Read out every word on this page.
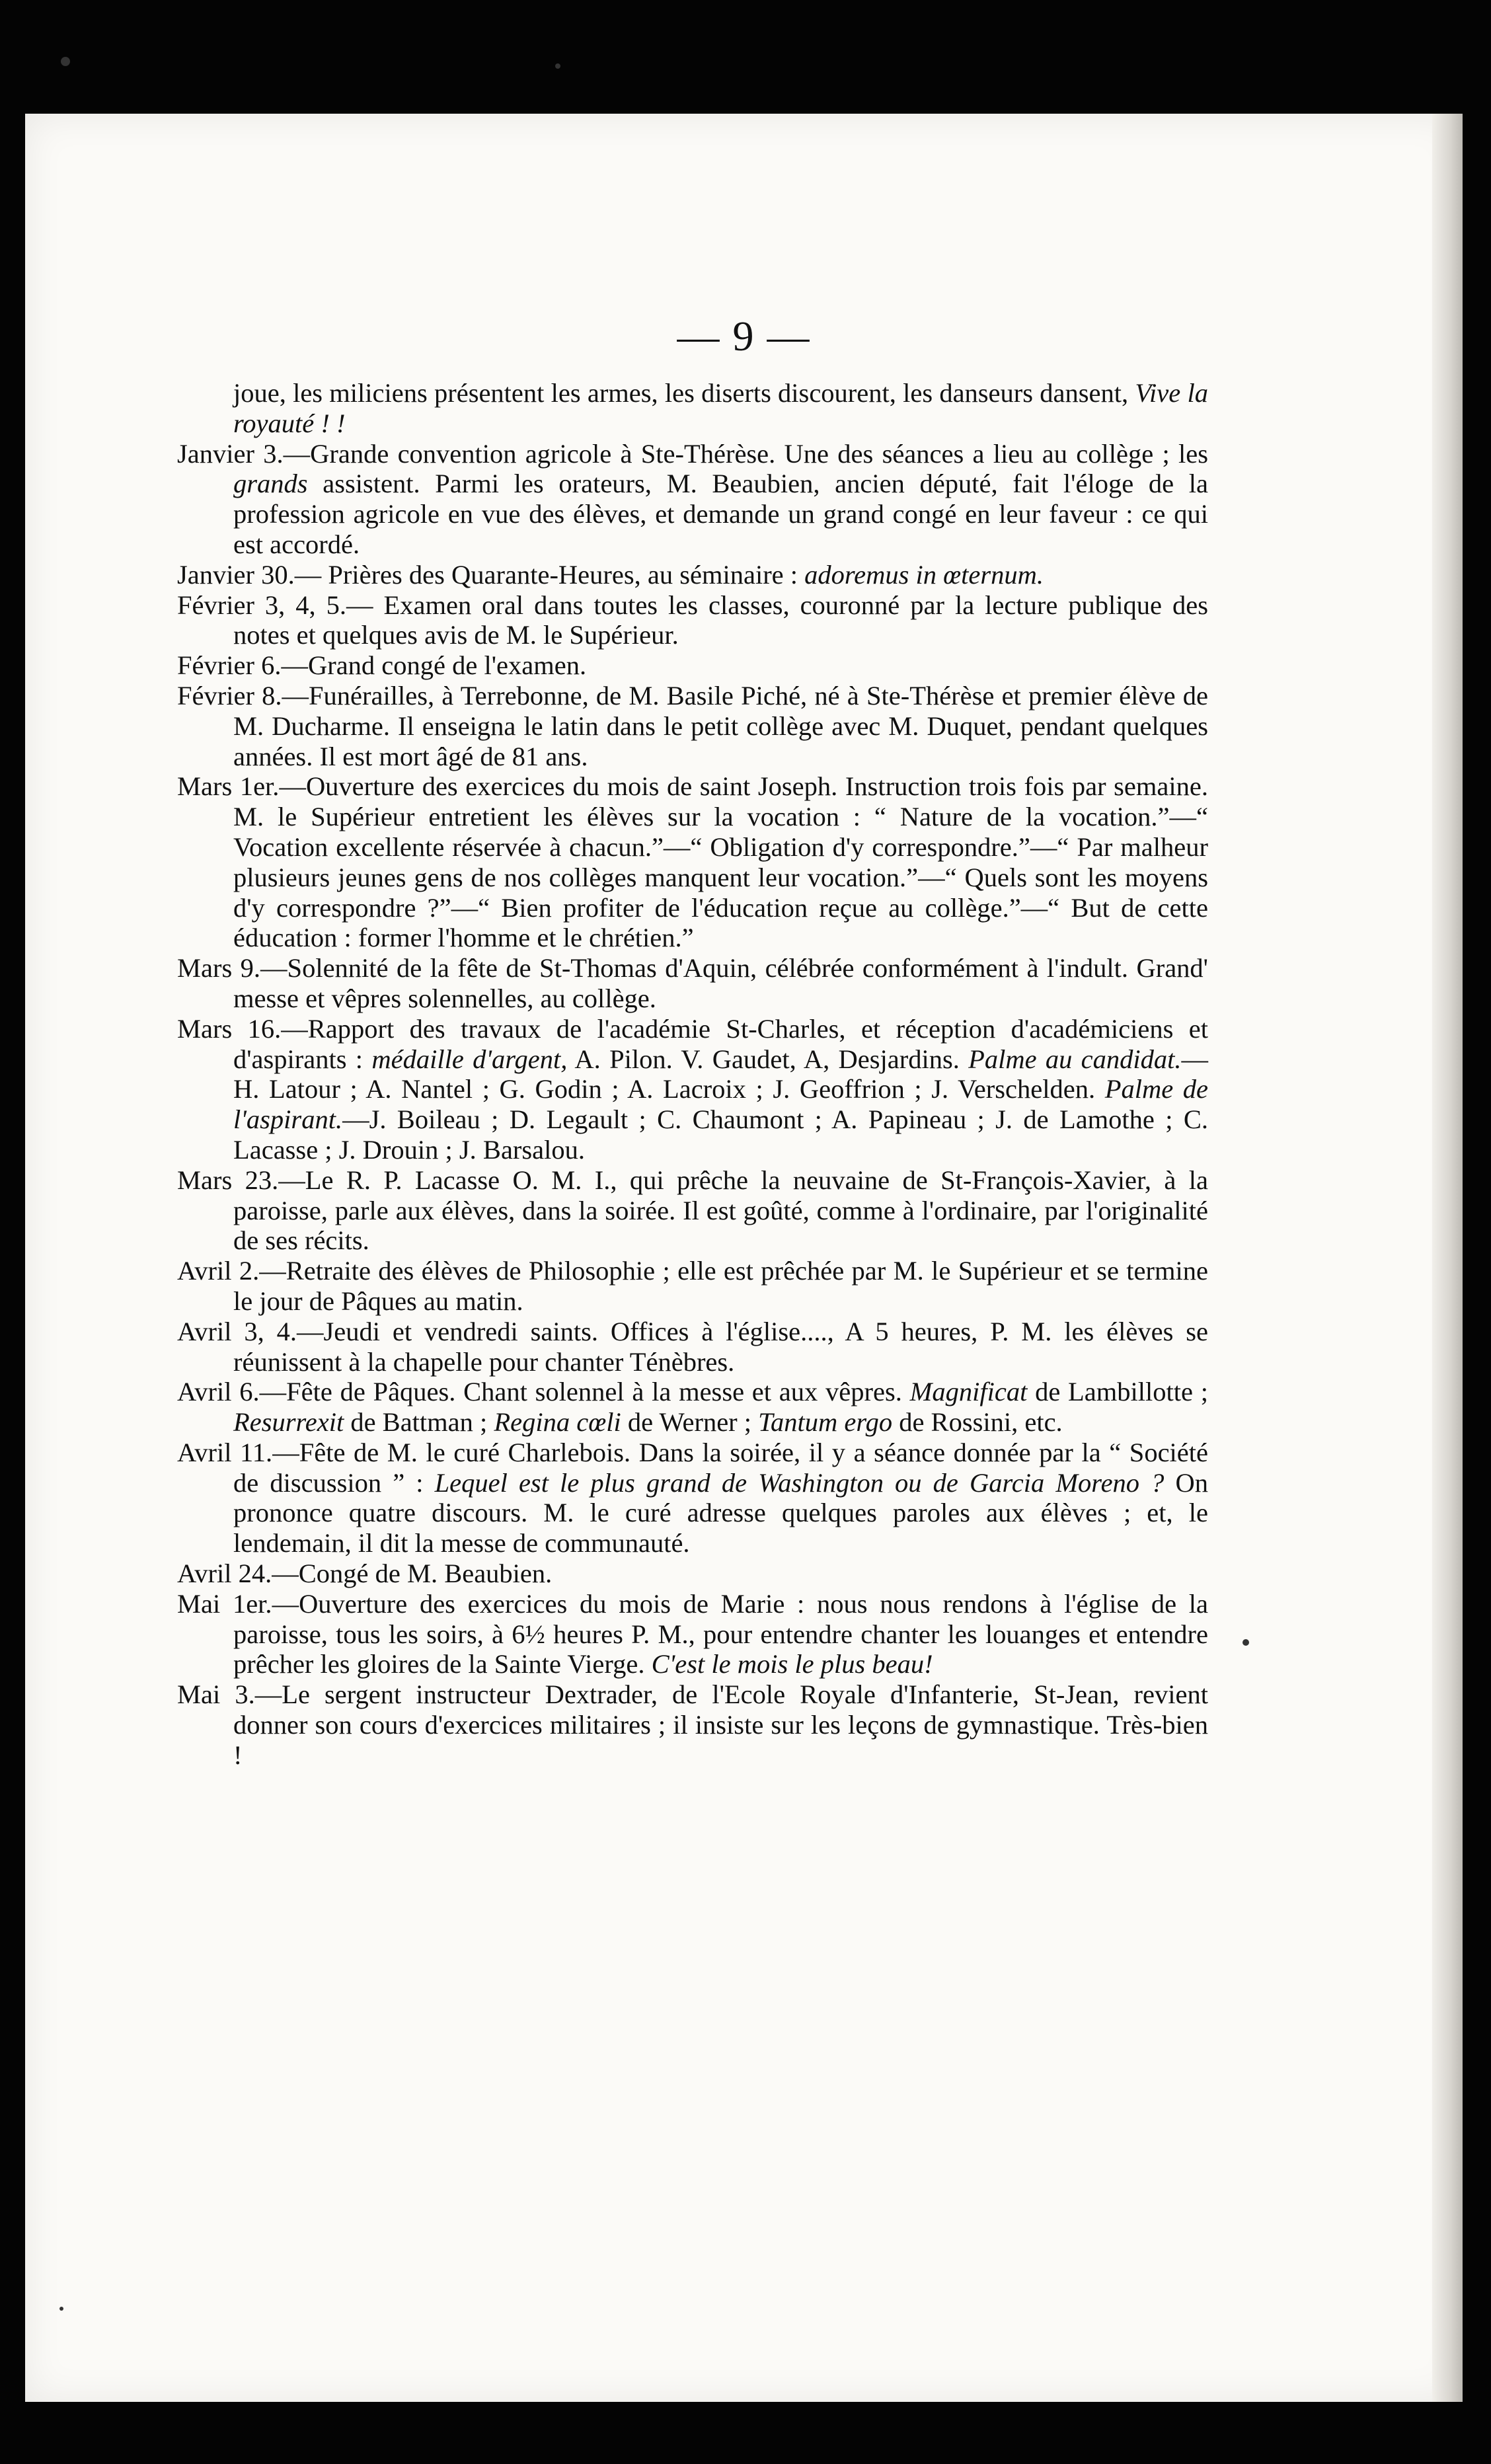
— 9 —
joue, les miliciens présentent les armes, les diserts discourent, les danseurs dansent, Vive la royauté ! !
Janvier 3.—Grande convention agricole à Ste-Thérèse. Une des séances a lieu au collège ; les grands assistent. Parmi les orateurs, M. Beaubien, ancien député, fait l'éloge de la profession agricole en vue des élèves, et demande un grand congé en leur faveur : ce qui est accordé.
Janvier 30.— Prières des Quarante-Heures, au séminaire : adoremus in œternum.
Février 3, 4, 5.— Examen oral dans toutes les classes, couronné par la lecture publique des notes et quelques avis de M. le Supérieur.
Février 6.—Grand congé de l'examen.
Février 8.—Funérailles, à Terrebonne, de M. Basile Piché, né à Ste-Thérèse et premier élève de M. Ducharme. Il enseigna le latin dans le petit collège avec M. Duquet, pendant quelques années. Il est mort âgé de 81 ans.
Mars 1er.—Ouverture des exercices du mois de saint Joseph. Instruction trois fois par semaine. M. le Supérieur entretient les élèves sur la vocation : “ Nature de la vocation.”—“ Vocation excellente réservée à chacun.”—“ Obligation d'y correspondre.”—“ Par malheur plusieurs jeunes gens de nos collèges manquent leur vocation.”—“ Quels sont les moyens d'y correspondre ?”—“ Bien profiter de l'éducation reçue au collège.”—“ But de cette éducation : former l'homme et le chrétien.”
Mars 9.—Solennité de la fête de St-Thomas d'Aquin, célébrée conformément à l'indult. Grand' messe et vêpres solennelles, au collège.
Mars 16.—Rapport des travaux de l'académie St-Charles, et réception d'académiciens et d'aspirants : médaille d'argent, A. Pilon. V. Gaudet, A, Desjardins. Palme au candidat.—H. Latour ; A. Nantel ; G. Godin ; A. Lacroix ; J. Geoffrion ; J. Verschelden. Palme de l'aspirant.—J. Boileau ; D. Legault ; C. Chaumont ; A. Papineau ; J. de Lamothe ; C. Lacasse ; J. Drouin ; J. Barsalou.
Mars 23.—Le R. P. Lacasse O. M. I., qui prêche la neuvaine de St-François-Xavier, à la paroisse, parle aux élèves, dans la soirée. Il est goûté, comme à l'ordinaire, par l'originalité de ses récits.
Avril 2.—Retraite des élèves de Philosophie ; elle est prêchée par M. le Supérieur et se termine le jour de Pâques au matin.
Avril 3, 4.—Jeudi et vendredi saints. Offices à l'église...., A 5 heures, P. M. les élèves se réunissent à la chapelle pour chanter Ténèbres.
Avril 6.—Fête de Pâques. Chant solennel à la messe et aux vêpres. Magnificat de Lambillotte ; Resurrexit de Battman ; Regina cœli de Werner ; Tantum ergo de Rossini, etc.
Avril 11.—Fête de M. le curé Charlebois. Dans la soirée, il y a séance donnée par la “ Société de discussion ” : Lequel est le plus grand de Washington ou de Garcia Moreno ? On prononce quatre discours. M. le curé adresse quelques paroles aux élèves ; et, le lendemain, il dit la messe de communauté.
Avril 24.—Congé de M. Beaubien.
Mai 1er.—Ouverture des exercices du mois de Marie : nous nous rendons à l'église de la paroisse, tous les soirs, à 6½ heures P. M., pour entendre chanter les louanges et entendre prêcher les gloires de la Sainte Vierge. C'est le mois le plus beau!
Mai 3.—Le sergent instructeur Dextrader, de l'Ecole Royale d'Infanterie, St-Jean, revient donner son cours d'exercices militaires ; il insiste sur les leçons de gymnastique. Très-bien !
